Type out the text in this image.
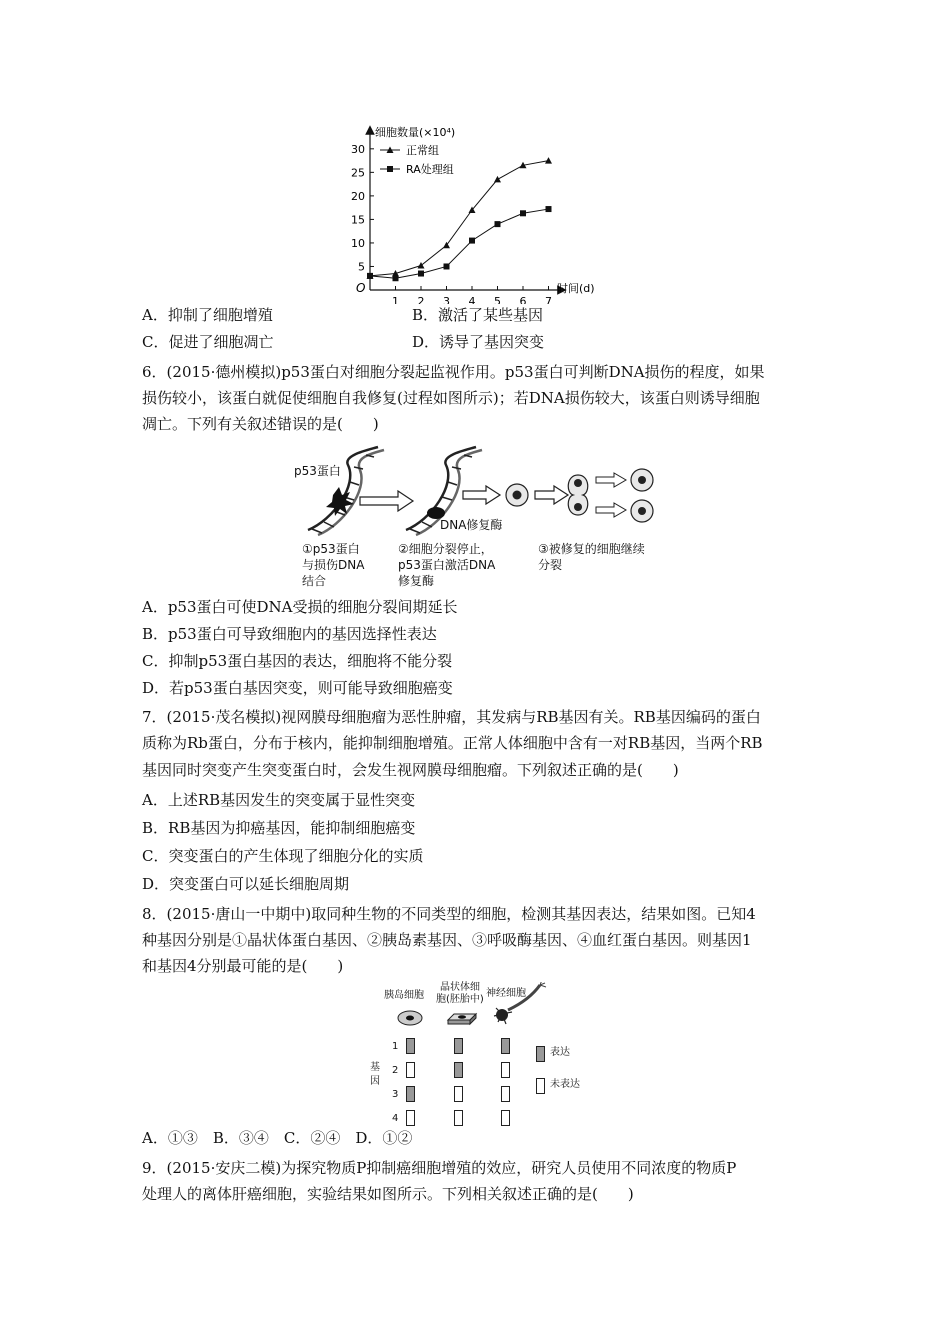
细胞数量(×10⁴)
时间(d)
O
5
10
15
20
25
30
1 2 3 4 5 6 7
正常组
RA处理组
A．抑制了细胞增殖	B．激活了某些基因
C．促进了细胞凋亡	D．诱导了基因突变
6．(2015·德州模拟)p53蛋白对细胞分裂起监视作用。p53蛋白可判断DNA损伤的程度，如果
损伤较小，该蛋白就促使细胞自我修复(过程如图所示)；若DNA损伤较大，该蛋白则诱导细胞
凋亡。下列有关叙述错误的是(　　)
p53蛋白
DNA修复酶
①p53蛋白
与损伤DNA
结合
②细胞分裂停止，
p53蛋白激活DNA
修复酶
③被修复的细胞继续
分裂
A．p53蛋白可使DNA受损的细胞分裂间期延长
B．p53蛋白可导致细胞内的基因选择性表达
C．抑制p53蛋白基因的表达，细胞将不能分裂
D．若p53蛋白基因突变，则可能导致细胞癌变
7．(2015·茂名模拟)视网膜母细胞瘤为恶性肿瘤，其发病与RB基因有关。RB基因编码的蛋白
质称为Rb蛋白，分布于核内，能抑制细胞增殖。正常人体细胞中含有一对RB基因，当两个RB
基因同时突变产生突变蛋白时，会发生视网膜母细胞瘤。下列叙述正确的是(　　)
A．上述RB基因发生的突变属于显性突变
B．RB基因为抑癌基因，能抑制细胞癌变
C．突变蛋白的产生体现了细胞分化的实质
D．突变蛋白可以延长细胞周期
8．(2015·唐山一中期中)取同种生物的不同类型的细胞，检测其基因表达，结果如图。已知4
种基因分别是①晶状体蛋白基因、②胰岛素基因、③呼吸酶基因、④血红蛋白基因。则基因1
和基因4分别最可能的是(　　)
胰岛细胞
晶状体细
胞(胚胎中)
神经细胞
基
因
1
2
3
4
表达
未表达
A．①③　B．③④　C．②④　D．①②
9．(2015·安庆二模)为探究物质P抑制癌细胞增殖的效应，研究人员使用不同浓度的物质P
处理人的离体肝癌细胞，实验结果如图所示。下列相关叙述正确的是(　　)
